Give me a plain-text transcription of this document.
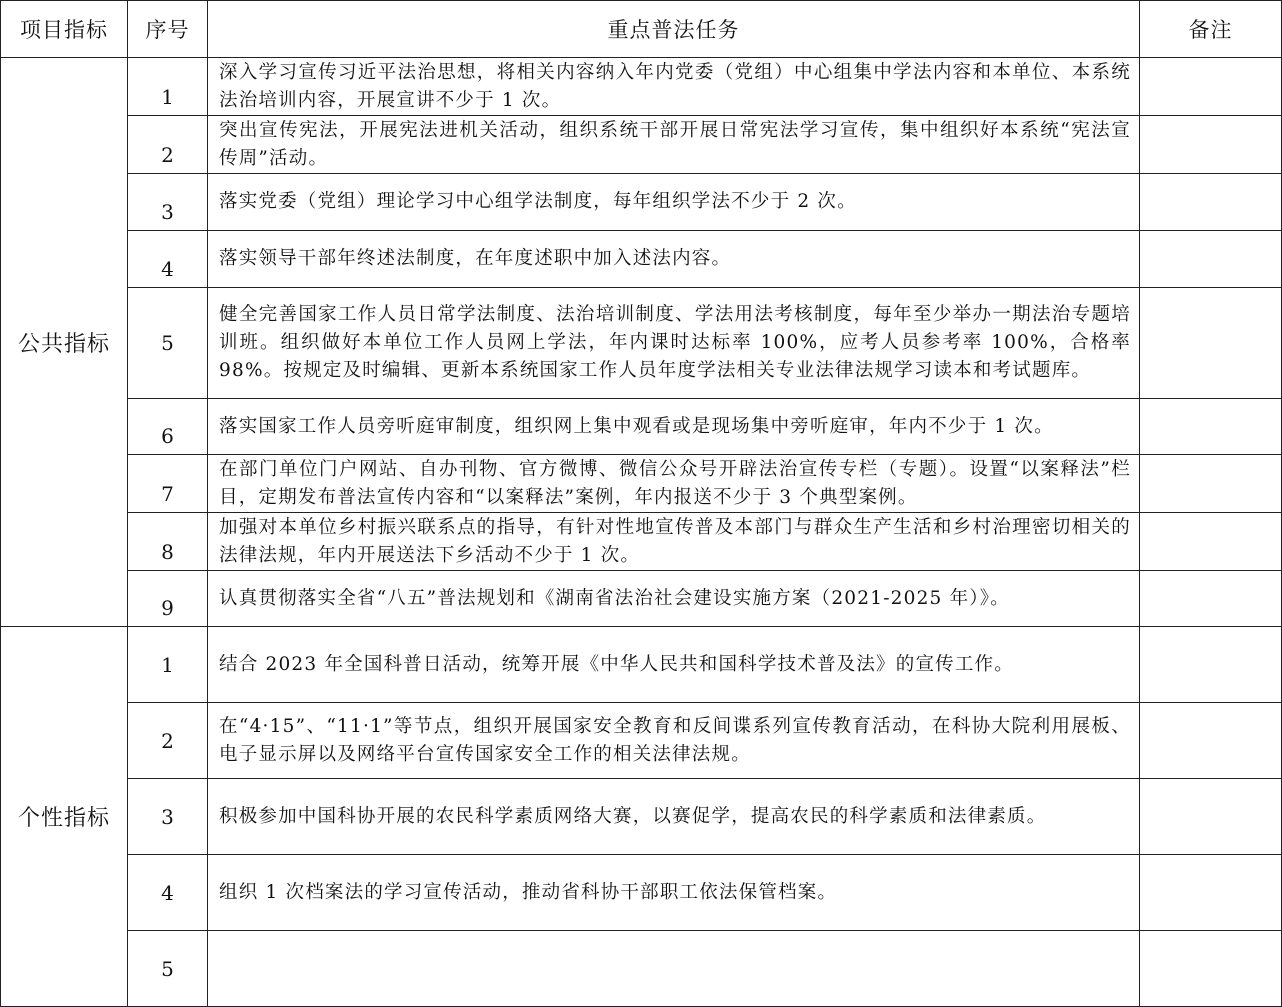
项目指标	序号	重点普法任务	备注
公共指标	1	深入学习宣传习近平法治思想，将相关内容纳入年内党委（党组）中心组集中学法内容和本单位、本系统法治培训内容，开展宣讲不少于 1 次。	
	2	突出宣传宪法，开展宪法进机关活动，组织系统干部开展日常宪法学习宣传，集中组织好本系统“宪法宣传周”活动。	
	3	落实党委（党组）理论学习中心组学法制度，每年组织学法不少于 2 次。	
	4	落实领导干部年终述法制度，在年度述职中加入述法内容。	
	5	健全完善国家工作人员日常学法制度、法治培训制度、学法用法考核制度，每年至少举办一期法治专题培训班。组织做好本单位工作人员网上学法，年内课时达标率 100%，应考人员参考率 100%，合格率 98%。按规定及时编辑、更新本系统国家工作人员年度学法相关专业法律法规学习读本和考试题库。	
	6	落实国家工作人员旁听庭审制度，组织网上集中观看或是现场集中旁听庭审，年内不少于 1 次。	
	7	在部门单位门户网站、自办刊物、官方微博、微信公众号开辟法治宣传专栏（专题）。设置“以案释法”栏目，定期发布普法宣传内容和“以案释法”案例，年内报送不少于 3 个典型案例。	
	8	加强对本单位乡村振兴联系点的指导，有针对性地宣传普及本部门与群众生产生活和乡村治理密切相关的法律法规，年内开展送法下乡活动不少于 1 次。	
	9	认真贯彻落实全省“八五”普法规划和《湖南省法治社会建设实施方案（2021-2025 年）》。	
个性指标	1	结合 2023 年全国科普日活动，统筹开展《中华人民共和国科学技术普及法》的宣传工作。	
	2	在“4·15”、“11·1”等节点，组织开展国家安全教育和反间谍系列宣传教育活动，在科协大院利用展板、电子显示屏以及网络平台宣传国家安全工作的相关法律法规。	
	3	积极参加中国科协开展的农民科学素质网络大赛，以赛促学，提高农民的科学素质和法律素质。	
	4	组织 1 次档案法的学习宣传活动，推动省科协干部职工依法保管档案。	
	5		
